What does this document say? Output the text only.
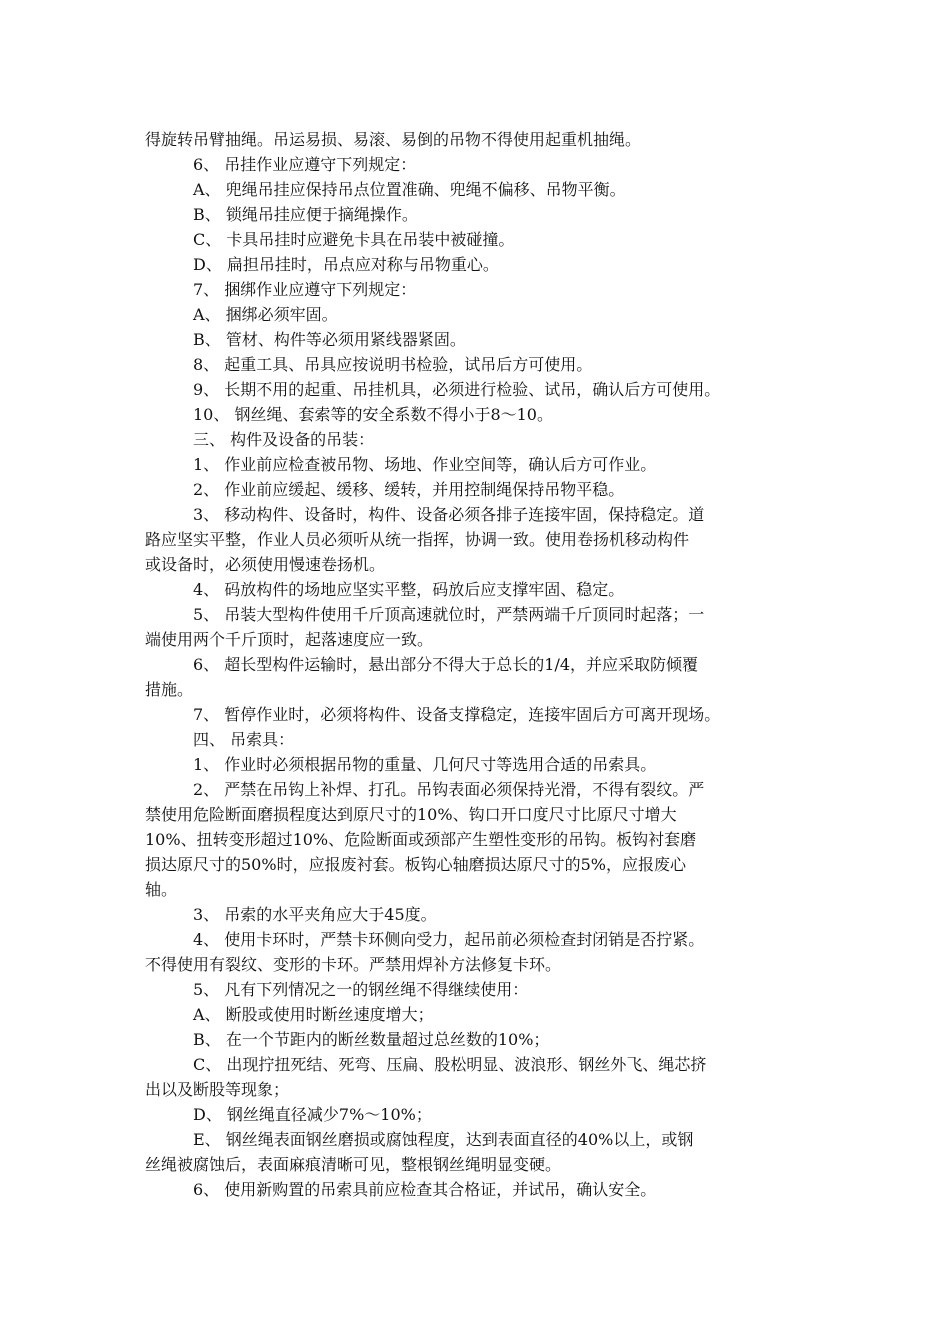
得旋转吊臂抽绳。吊运易损、易滚、易倒的吊物不得使用起重机抽绳。
6、 吊挂作业应遵守下列规定：
A、 兜绳吊挂应保持吊点位置准确、兜绳不偏移、吊物平衡。
B、 锁绳吊挂应便于摘绳操作。
C、 卡具吊挂时应避免卡具在吊装中被碰撞。
D、 扁担吊挂时，吊点应对称与吊物重心。
7、 捆绑作业应遵守下列规定：
A、 捆绑必须牢固。
B、 管材、构件等必须用紧线器紧固。
8、 起重工具、吊具应按说明书检验，试吊后方可使用。
9、 长期不用的起重、吊挂机具，必须进行检验、试吊，确认后方可使用。
10、 钢丝绳、套索等的安全系数不得小于8～10。
三、 构件及设备的吊装：
1、 作业前应检查被吊物、场地、作业空间等，确认后方可作业。
2、 作业前应缓起、缓移、缓转，并用控制绳保持吊物平稳。
3、 移动构件、设备时，构件、设备必须各排子连接牢固，保持稳定。道
路应坚实平整，作业人员必须听从统一指挥，协调一致。使用卷扬机移动构件
或设备时，必须使用慢速卷扬机。
4、 码放构件的场地应坚实平整，码放后应支撑牢固、稳定。
5、 吊装大型构件使用千斤顶高速就位时，严禁两端千斤顶同时起落；一
端使用两个千斤顶时，起落速度应一致。
6、 超长型构件运输时，悬出部分不得大于总长的1/4，并应采取防倾覆
措施。
7、 暂停作业时，必须将构件、设备支撑稳定，连接牢固后方可离开现场。
四、 吊索具：
1、 作业时必须根据吊物的重量、几何尺寸等选用合适的吊索具。
2、 严禁在吊钩上补焊、打孔。吊钩表面必须保持光滑，不得有裂纹。严
禁使用危险断面磨损程度达到原尺寸的10%、钩口开口度尺寸比原尺寸增大
10%、扭转变形超过10%、危险断面或颈部产生塑性变形的吊钩。板钩衬套磨
损达原尺寸的50%时，应报废衬套。板钩心轴磨损达原尺寸的5%，应报废心
轴。
3、 吊索的水平夹角应大于45度。
4、 使用卡环时，严禁卡环侧向受力，起吊前必须检查封闭销是否拧紧。
不得使用有裂纹、变形的卡环。严禁用焊补方法修复卡环。
5、 凡有下列情况之一的钢丝绳不得继续使用：
A、 断股或使用时断丝速度增大；
B、 在一个节距内的断丝数量超过总丝数的10%；
C、 出现拧扭死结、死弯、压扁、股松明显、波浪形、钢丝外飞、绳芯挤
出以及断股等现象；
D、 钢丝绳直径减少7%～10%；
E、 钢丝绳表面钢丝磨损或腐蚀程度，达到表面直径的40%以上，或钢
丝绳被腐蚀后，表面麻痕清晰可见，整根钢丝绳明显变硬。
6、 使用新购置的吊索具前应检查其合格证，并试吊，确认安全。
